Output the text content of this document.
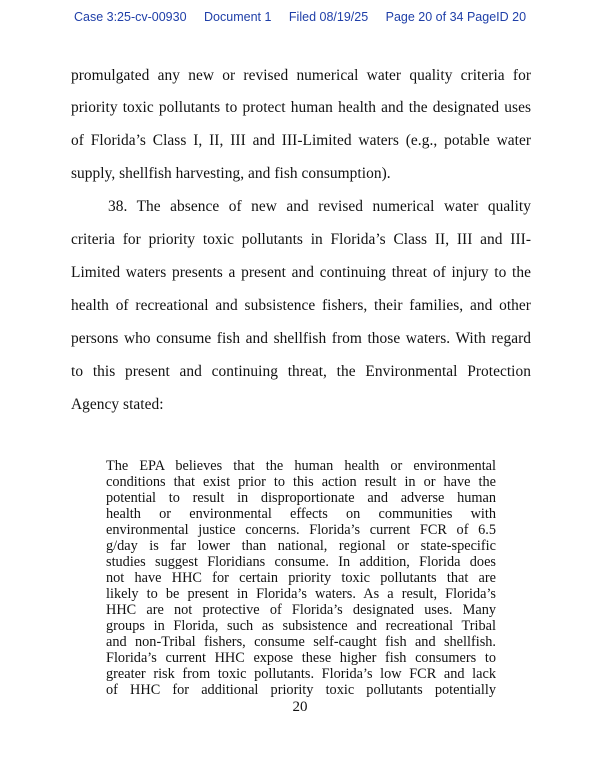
Case 3:25-cv-00930 Document 1 Filed 08/19/25 Page 20 of 34 PageID 20
promulgated any new or revised numerical water quality criteria for
priority toxic pollutants to protect human health and the designated uses
of Florida’s Class I, II, III and III-Limited waters (e.g., potable water
supply, shellfish harvesting, and fish consumption).
38. The absence of new and revised numerical water quality
criteria for priority toxic pollutants in Florida’s Class II, III and III-
Limited waters presents a present and continuing threat of injury to the
health of recreational and subsistence fishers, their families, and other
persons who consume fish and shellfish from those waters. With regard
to this present and continuing threat, the Environmental Protection
Agency stated:
The EPA believes that the human health or environmental
conditions that exist prior to this action result in or have the
potential to result in disproportionate and adverse human
health or environmental effects on communities with
environmental justice concerns. Florida’s current FCR of 6.5
g/day is far lower than national, regional or state-specific
studies suggest Floridians consume. In addition, Florida does
not have HHC for certain priority toxic pollutants that are
likely to be present in Florida’s waters. As a result, Florida’s
HHC are not protective of Florida’s designated uses. Many
groups in Florida, such as subsistence and recreational Tribal
and non-Tribal fishers, consume self-caught fish and shellfish.
Florida’s current HHC expose these higher fish consumers to
greater risk from toxic pollutants. Florida’s low FCR and lack
of HHC for additional priority toxic pollutants potentially
20
